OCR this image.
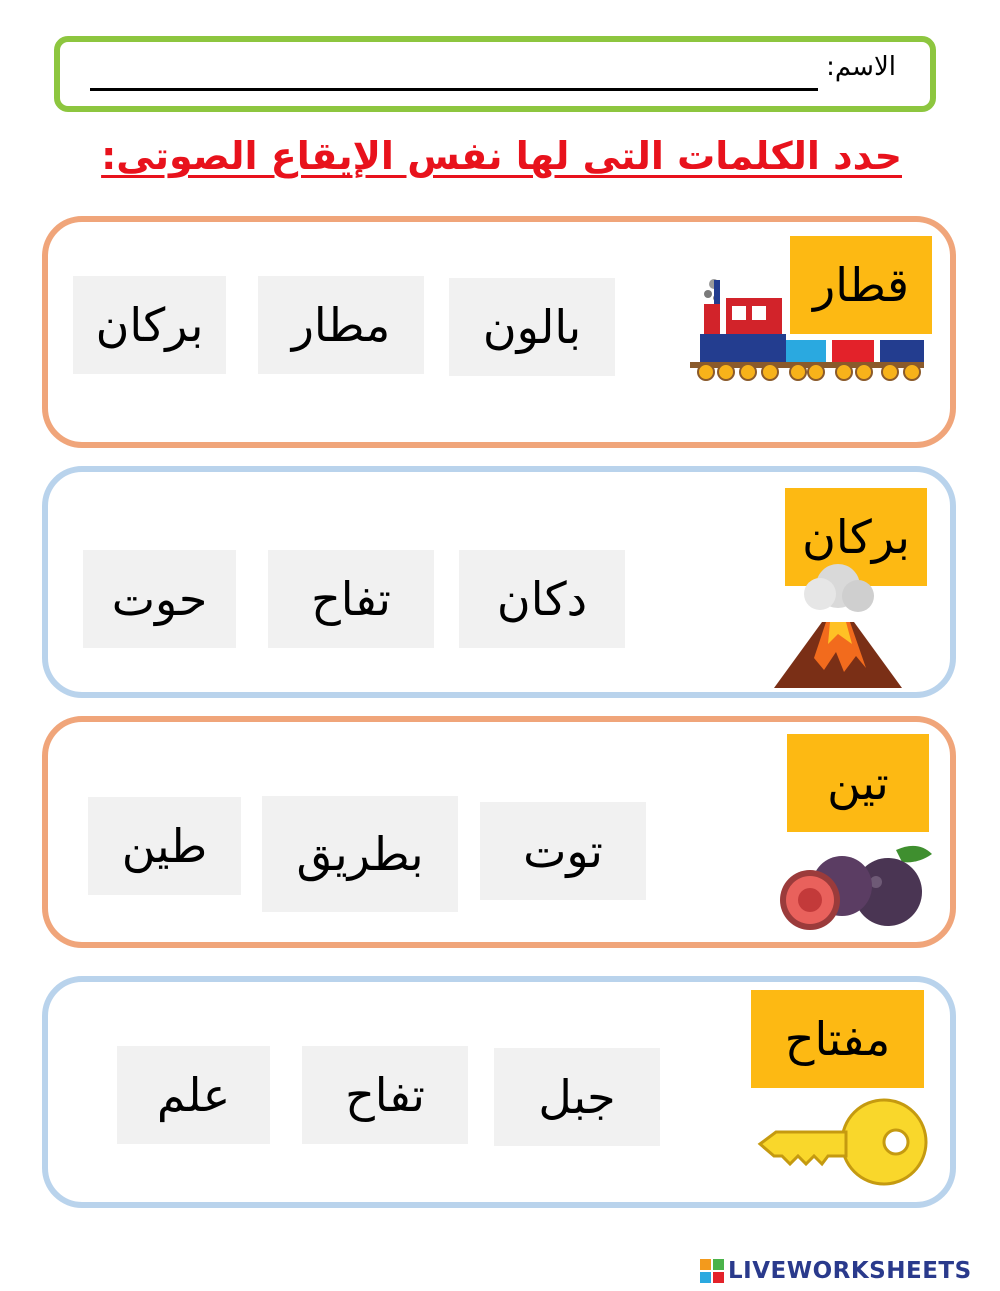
الاسم:
حدد الكلمات التى لها نفس الإيقاع الصوتى:
قطار
بالون
مطار
بركان
بركان
دكان
تفاح
حوت
تين
توت
بطريق
طين
مفتاح
جبل
تفاح
علم
LIVEWORKSHEETS
